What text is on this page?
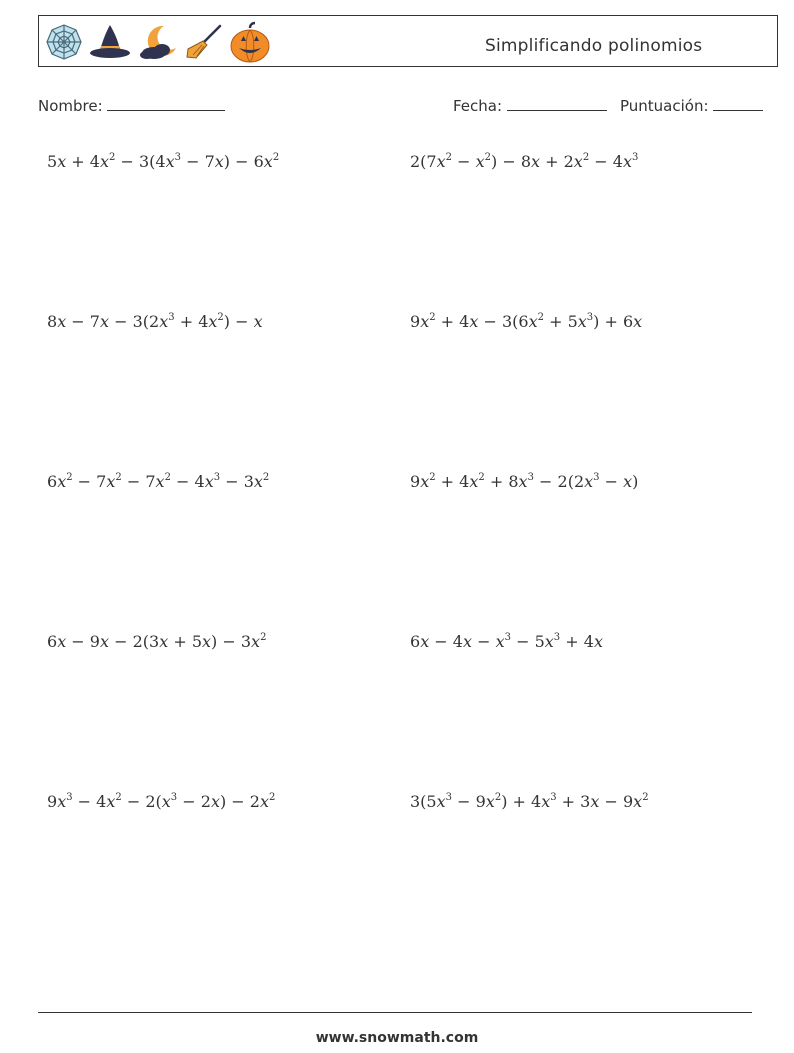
Simplificando polinomios
Nombre:	Fecha:	Puntuación:
$5x + 4x^2 - 3(4x^3 - 7x) - 6x^2$	$2(7x^2 - x^2) - 8x + 2x^2 - 4x^3$
$8x - 7x - 3(2x^3 + 4x^2) - x$	$9x^2 + 4x - 3(6x^2 + 5x^3) + 6x$
$6x^2 - 7x^2 - 7x^2 - 4x^3 - 3x^2$	$9x^2 + 4x^2 + 8x^3 - 2(2x^3 - x)$
$6x - 9x - 2(3x + 5x) - 3x^2$	$6x - 4x - x^3 - 5x^3 + 4x$
$9x^3 - 4x^2 - 2(x^3 - 2x) - 2x^2$	$3(5x^3 - 9x^2) + 4x^3 + 3x - 9x^2$
www.snowmath.com
